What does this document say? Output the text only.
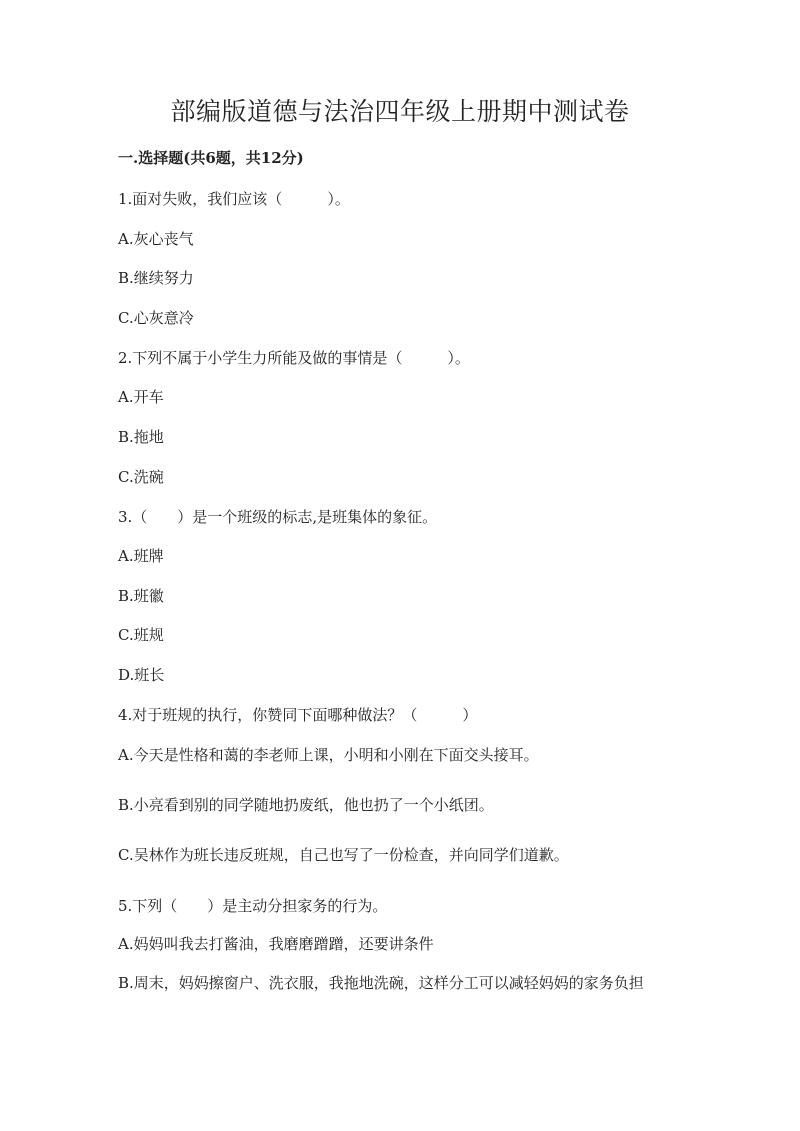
部编版道德与法治四年级上册期中测试卷
一.选择题(共6题，共12分)
1.面对失败，我们应该（　　　）。
A.灰心丧气
B.继续努力
C.心灰意冷
2.下列不属于小学生力所能及做的事情是（　　　）。
A.开车
B.拖地
C.洗碗
3.（　　）是一个班级的标志,是班集体的象征。
A.班牌
B.班徽
C.班规
D.班长
4.对于班规的执行，你赞同下面哪种做法？（　　　）
A.今天是性格和蔼的李老师上课，小明和小刚在下面交头接耳。
B.小亮看到别的同学随地扔废纸，他也扔了一个小纸团。
C.吴林作为班长违反班规，自己也写了一份检查，并向同学们道歉。
5.下列（　　）是主动分担家务的行为。
A.妈妈叫我去打酱油，我磨磨蹭蹭，还要讲条件
B.周末，妈妈擦窗户、洗衣服，我拖地洗碗，这样分工可以减轻妈妈的家务负担
